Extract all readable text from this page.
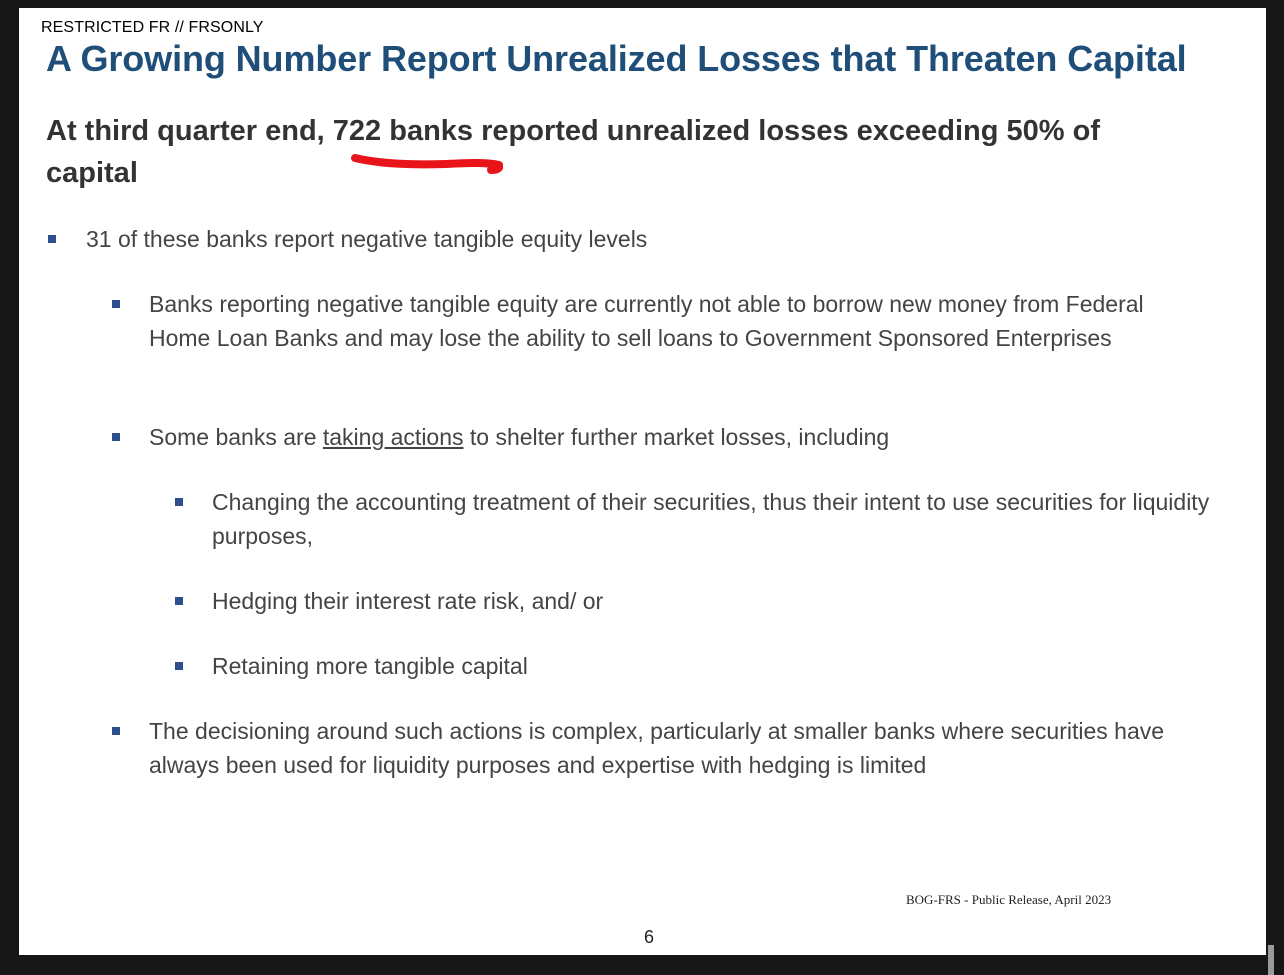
RESTRICTED FR // FRSONLY
A Growing Number Report Unrealized Losses that Threaten Capital
At third quarter end, 722 banks reported unrealized losses exceeding 50% of capital
31 of these banks report negative tangible equity levels
Banks reporting negative tangible equity are currently not able to borrow new money from Federal Home Loan Banks and may lose the ability to sell loans to Government Sponsored Enterprises
Some banks are taking actions to shelter further market losses, including
Changing the accounting treatment of their securities, thus their intent to use securities for liquidity purposes,
Hedging their interest rate risk, and/ or
Retaining more tangible capital
The decisioning around such actions is complex, particularly at smaller banks where securities have always been used for liquidity purposes and expertise with hedging is limited
BOG-FRS - Public Release, April 2023
6
